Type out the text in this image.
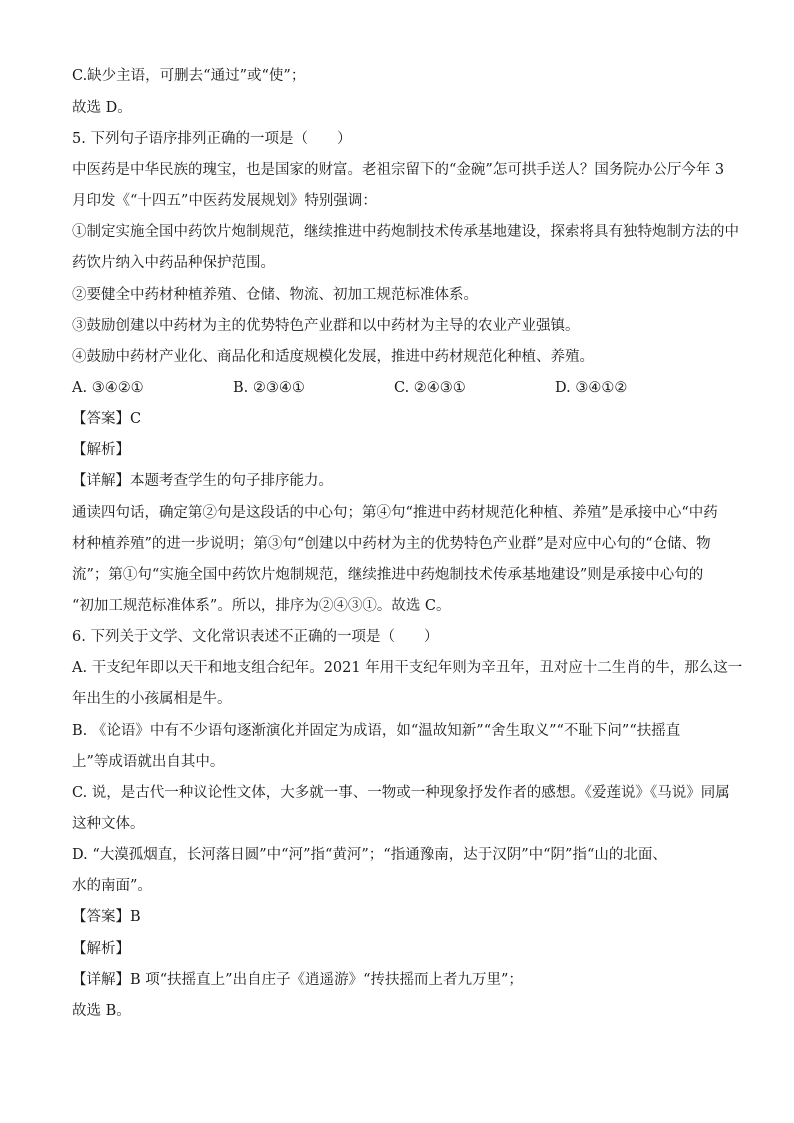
C.缺少主语，可删去“通过”或“使”；
故选 D。
5. 下列句子语序排列正确的一项是（　　）
中医药是中华民族的瑰宝，也是国家的财富。老祖宗留下的“金碗”怎可拱手送人？国务院办公厅今年 3
月印发《“十四五”中医药发展规划》特别强调：
①制定实施全国中药饮片炮制规范，继续推进中药炮制技术传承基地建设，探索将具有独特炮制方法的中
药饮片纳入中药品种保护范围。
②要健全中药材种植养殖、仓储、物流、初加工规范标准体系。
③鼓励创建以中药材为主的优势特色产业群和以中药材为主导的农业产业强镇。
④鼓励中药材产业化、商品化和适度规模化发展，推进中药材规范化种植、养殖。
A. ③④②①	B. ②③④①	C. ②④③①	D. ③④①②
【答案】C
【解析】
【详解】本题考查学生的句子排序能力。
通读四句话，确定第②句是这段话的中心句；第④句“推进中药材规范化种植、养殖”是承接中心“中药
材种植养殖”的进一步说明；第③句“创建以中药材为主的优势特色产业群”是对应中心句的“仓储、物
流”；第①句“实施全国中药饮片炮制规范，继续推进中药炮制技术传承基地建设”则是承接中心句的
“初加工规范标准体系”。所以，排序为②④③①。故选 C。
6. 下列关于文学、文化常识表述不正确的一项是（　　）
A. 干支纪年即以天干和地支组合纪年。2021 年用干支纪年则为辛丑年，丑对应十二生肖的牛，那么这一
年出生的小孩属相是牛。
B. 《论语》中有不少语句逐渐演化并固定为成语，如“温故知新”“舍生取义”“不耻下问”“扶摇直
上”等成语就出自其中。
C. 说，是古代一种议论性文体，大多就一事、一物或一种现象抒发作者的感想。《爱莲说》《马说》同属
这种文体。
D. “大漠孤烟直，长河落日圆”中“河”指“黄河”；“指通豫南，达于汉阴”中“阴”指“山的北面、
水的南面”。
【答案】B
【解析】
【详解】B 项“扶摇直上”出自庄子《逍遥游》“抟扶摇而上者九万里”；
故选 B。
